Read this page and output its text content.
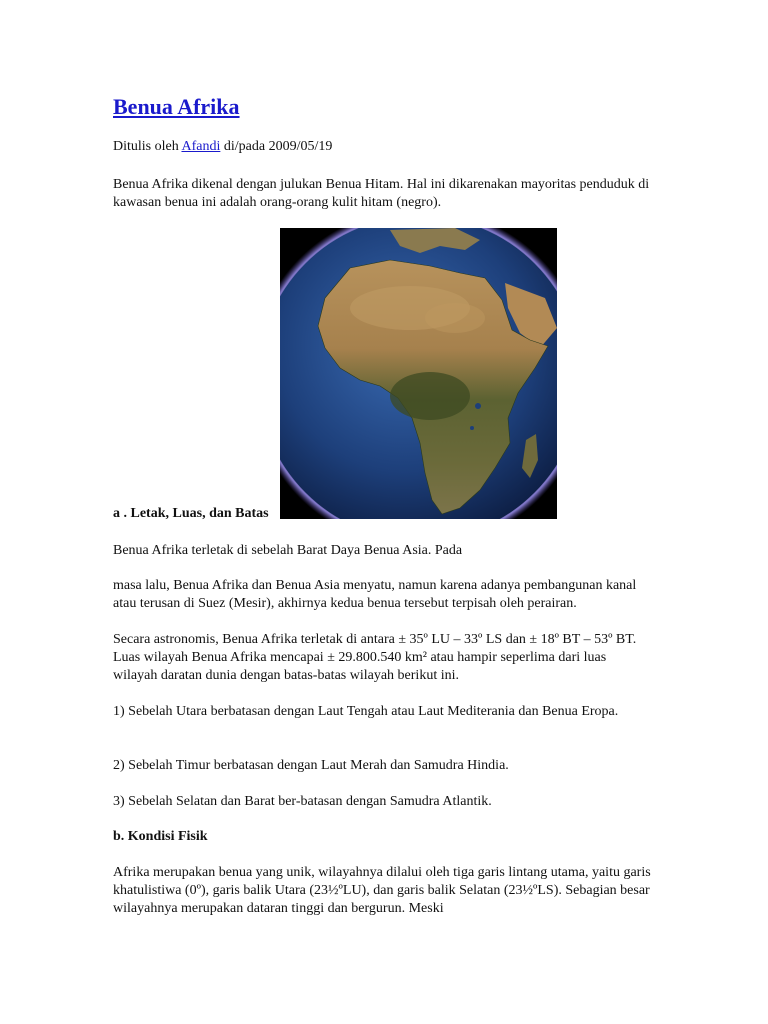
Benua Afrika
Ditulis oleh Afandi di/pada 2009/05/19

Benua Afrika dikenal dengan julukan Benua Hitam. Hal ini dikarenakan mayoritas penduduk di kawasan benua ini adalah orang-orang kulit hitam (negro).

a . Letak, Luas, dan Batas

Benua Afrika terletak di sebelah Barat Daya Benua Asia. Pada

masa lalu, Benua Afrika dan Benua Asia menyatu, namun karena adanya pembangunan kanal atau terusan di Suez (Mesir), akhirnya kedua benua tersebut terpisah oleh perairan.

Secara astronomis, Benua Afrika terletak di antara ± 35º LU – 33º LS dan ± 18º BT – 53º BT. Luas wilayah Benua Afrika mencapai ± 29.800.540 km² atau hampir seperlima dari luas wilayah daratan dunia dengan batas-batas wilayah berikut ini.

1) Sebelah Utara berbatasan dengan Laut Tengah atau Laut Mediterania dan Benua Eropa.

2) Sebelah Timur berbatasan dengan Laut Merah dan Samudra Hindia.

3) Sebelah Selatan dan Barat ber-batasan dengan Samudra Atlantik.

b. Kondisi Fisik

Afrika merupakan benua yang unik, wilayahnya dilalui oleh tiga garis lintang utama, yaitu garis khatulistiwa (0º), garis balik Utara (23½ºLU), dan garis balik Selatan (23½ºLS). Sebagian besar wilayahnya merupakan dataran tinggi dan bergurun. Meski
